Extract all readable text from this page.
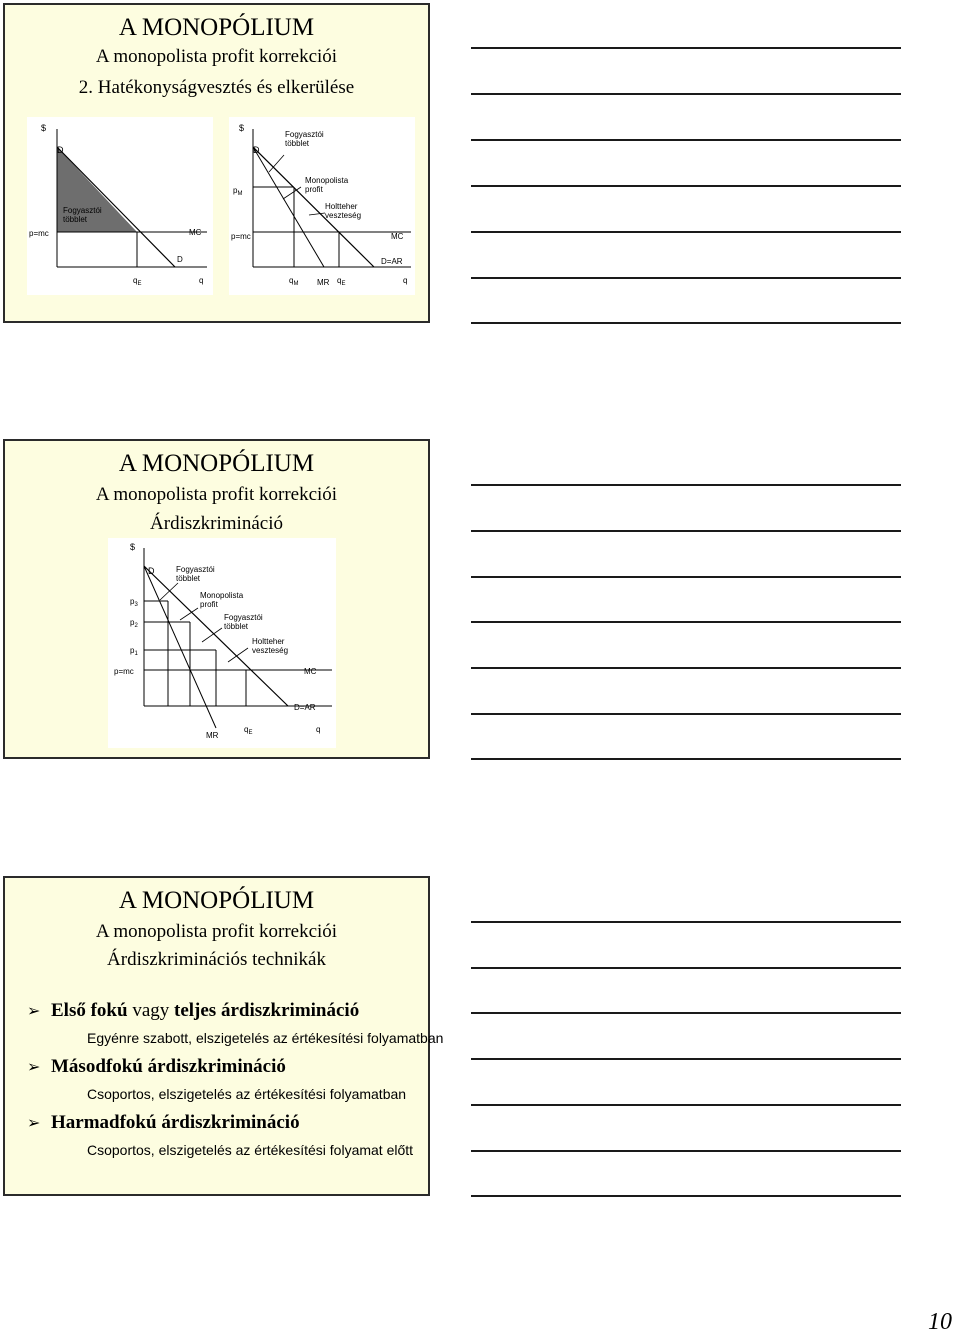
A MONOPÓLIUM
A monopolista profit korrekciói
2. Hatékonyságvesztés és elkerülése
$
D
Fogyasztói többlet
p=mc	MC
D
$q_E$	q
$
D
Fogyasztói többlet
Monopolista profit
Holtteher veszteség
$p_M$
p=mc	MC
D=AR
$q_M$ MR $q_E$	q
A MONOPÓLIUM
A monopolista profit korrekciói
Árdiszkrimináció
$
D	Fogyasztói többlet
Monopolista profit
Fogyasztói többlet
Holtteher veszteség
$p_3$
$p_2$
$p_1$
p=mc	MC
D=AR
MR
$q_E$	q
A MONOPÓLIUM
A monopolista profit korrekciói
Árdiszkriminációs technikák
➢ Első fokú vagy teljes árdiszkrimináció
Egyénre szabott, elszigetelés az értékesítési folyamatban
➢ Másodfokú árdiszkrimináció
Csoportos, elszigetelés az értékesítési folyamatban
➢ Harmadfokú árdiszkrimináció
Csoportos, elszigetelés az értékesítési folyamat előtt
10
